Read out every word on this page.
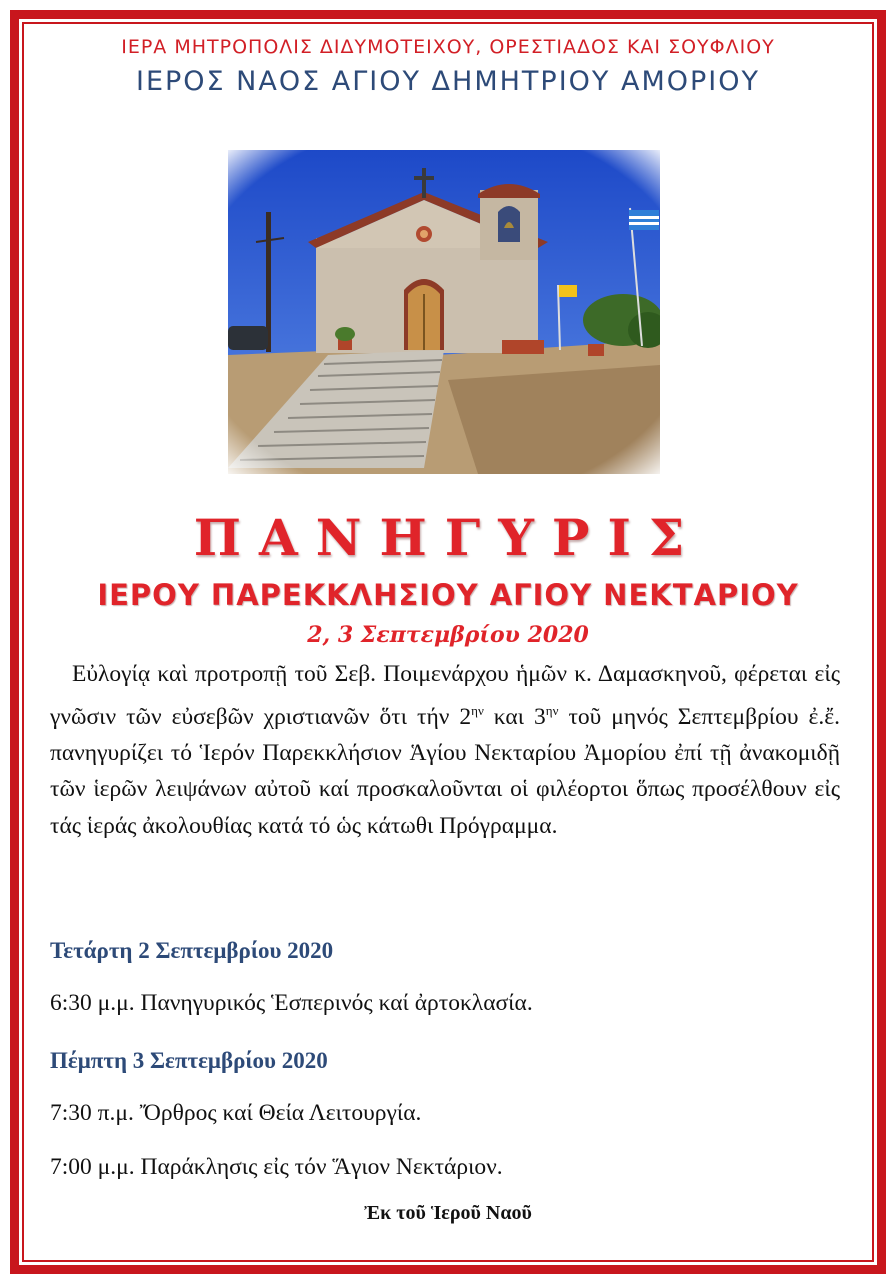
ΙΕΡΑ ΜΗΤΡΟΠΟΛΙΣ ΔΙΔΥΜΟΤΕΙΧΟΥ, ΟΡΕΣΤΙΑΔΟΣ ΚΑΙ ΣΟΥΦΛΙΟΥ
ΙΕΡΟΣ ΝΑΟΣ ΑΓΙΟΥ ΔΗΜΗΤΡΙΟΥ ΑΜΟΡΙΟΥ
ΠΑΝΗΓΥΡΙΣ
ΙΕΡΟΥ ΠΑΡΕΚΚΛΗΣΙΟΥ ΑΓΙΟΥ ΝΕΚΤΑΡΙΟΥ
2, 3 Σεπτεμβρίου 2020
Εὐλογίᾳ καὶ προτροπῇ τοῦ Σεβ. Ποιμενάρχου ἡμῶν κ. Δαμασκηνοῦ, φέρεται εἰς γνῶσιν τῶν εὐσεβῶν χριστιανῶν ὅτι τήν $2^{\eta\nu}$ και $3^{\eta\nu}$ τοῦ μηνός Σεπτεμβρίου ἐ.ἔ. πανηγυρίζει τό Ἱερόν Παρεκκλήσιον Ἁγίου Νεκταρίου Ἀμορίου ἐπί τῇ ἀνακομιδῇ τῶν ἱερῶν λειψάνων αὐτοῦ καί προσκαλοῦνται οἱ φιλέορτοι ὅπως προσέλθουν εἰς τάς ἱεράς ἀκολουθίας κατά τό ὡς κάτωθι Πρόγραμμα.
Τετάρτη 2 Σεπτεμβρίου 2020
6:30 μ.μ. Πανηγυρικός Ἑσπερινός καί ἀρτοκλασία.
Πέμπτη 3 Σεπτεμβρίου 2020
7:30 π.μ. Ὄρθρος καί Θεία Λειτουργία.
7:00 μ.μ. Παράκλησις εἰς τόν Ἅγιον Νεκτάριον.
Ἐκ τοῦ Ἱεροῦ Ναοῦ
